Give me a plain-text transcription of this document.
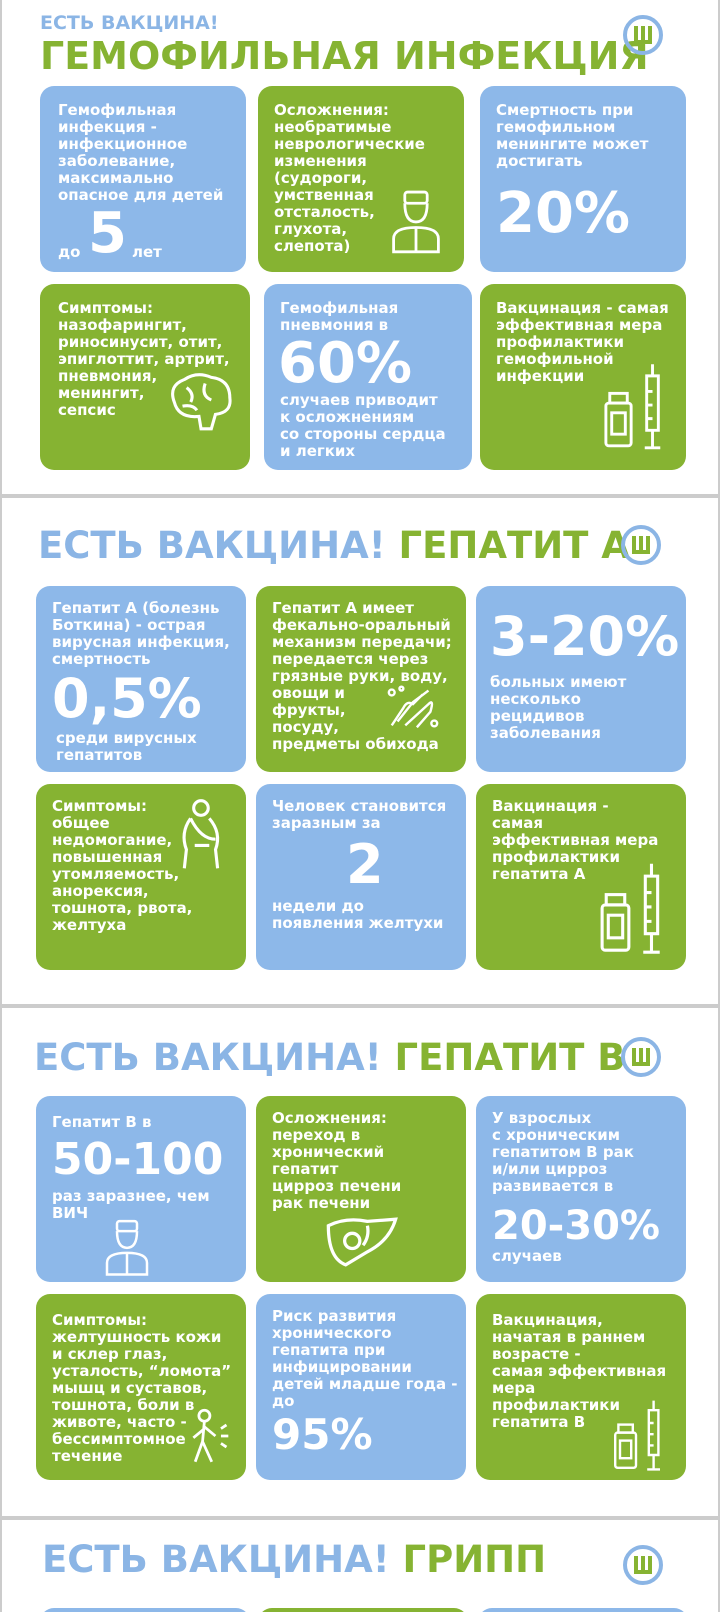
ЕСТЬ ВАКЦИНА!
ГЕМОФИЛЬНАЯ ИНФЕКЦИЯ
Гемофильная
инфекция -
инфекционное
заболевание,
максимально
опасное для детей
до 5 лет
Осложнения:
необратимые
неврологические
изменения
(судороги,
умственная
отсталость,
глухота,
слепота)
Смертность при
гемофильном
менингите может
достигать
20%
Симптомы:
назофарингит,
риносинусит, отит,
эпиглоттит, артрит,
пневмония,
менингит,
сепсис
Гемофильная
пневмония в
60%
случаев приводит
к осложнениям
со стороны сердца
и легких
Вакцинация - самая
эффективная мера
профилактики
гемофильной
инфекции
ЕСТЬ ВАКЦИНА! ГЕПАТИТ А
Гепатит А (болезнь
Боткина) - острая
вирусная инфекция,
смертность
0,5%
среди вирусных
гепатитов
Гепатит А имеет
фекально-оральный
механизм передачи;
передается через
грязные руки, воду,
овощи и
фрукты,
посуду,
предметы обихода
3-20%
больных имеют
несколько
рецидивов
заболевания
Симптомы:
общее
недомогание,
повышенная
утомляемость,
анорексия,
тошнота, рвота,
желтуха
Человек становится
заразным за
2
недели до
появления желтухи
Вакцинация -
самая
эффективная мера
профилактики
гепатита А
ЕСТЬ ВАКЦИНА! ГЕПАТИТ В
Гепатит В в
50-100
раз заразнее, чем
ВИЧ
Осложнения:
переход в
хронический
гепатит
цирроз печени
рак печени
У взрослых
с хроническим
гепатитом В рак
и/или цирроз
развивается в
20-30%
случаев
Симптомы:
желтушность кожи
и склер глаз,
усталость, “ломота”
мышц и суставов,
тошнота, боли в
животе, часто -
бессимптомное
течение
Риск развития
хронического
гепатита при
инфицировании
детей младше года -
до
95%
Вакцинация,
начатая в раннем
возрасте -
самая эффективная
мера
профилактики
гепатита В
ЕСТЬ ВАКЦИНА! ГРИПП
